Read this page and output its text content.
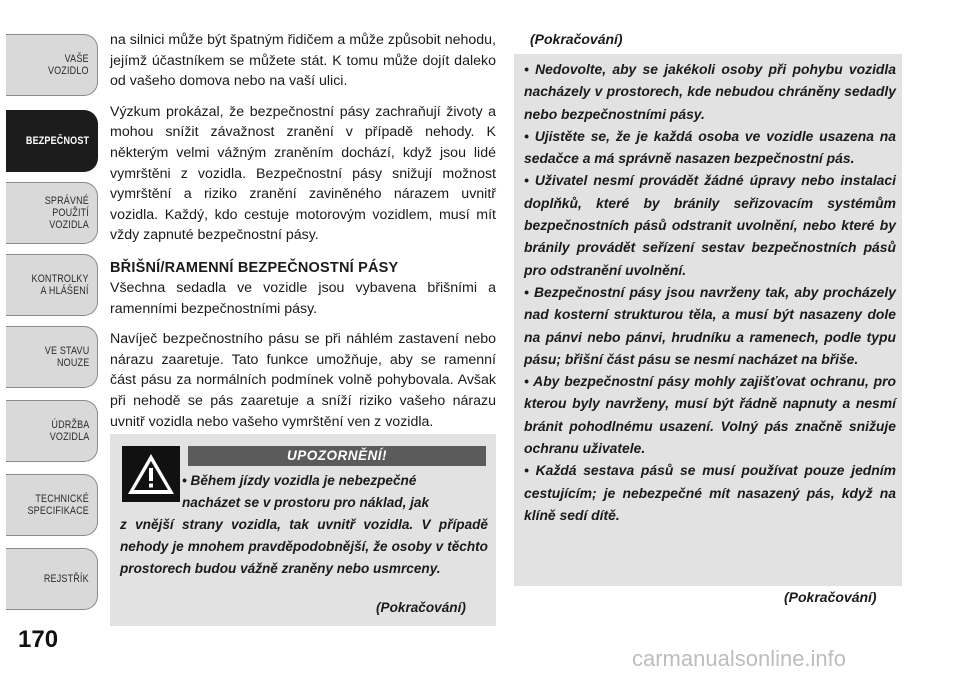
VAŠE
VOZIDLO
BEZPEČNOST
SPRÁVNÉ
POUŽITÍ
VOZIDLA
KONTROLKY
A HLÁŠENÍ
VE STAVU
NOUZE
ÚDRŽBA
VOZIDLA
TECHNICKÉ
SPECIFIKACE
REJSTŘÍK
170

na silnici může být špatným řidičem a může způsobit nehodu, jejímž účastníkem se můžete stát. K tomu může dojít daleko od vašeho domova nebo na vaší ulici.

Výzkum prokázal, že bezpečnostní pásy zachraňují životy a mohou snížit závažnost zranění v případě nehody. K některým velmi vážným zraněním dochází, když jsou lidé vymrštěni z vozidla. Bezpečnostní pásy snižují možnost vymrštění a riziko zranění zaviněného nárazem uvnitř vozidla. Každý, kdo cestuje motorovým vozidlem, musí mít vždy zapnuté bezpečnostní pásy.

BŘIŠNÍ/RAMENNÍ BEZPEČNOSTNÍ PÁSY

Všechna sedadla ve vozidle jsou vybavena břišními a ramenními bezpečnostními pásy.

Navíječ bezpečnostního pásu se při náhlém zastavení nebo nárazu zaaretuje. Tato funkce umožňuje, aby se ramenní část pásu za normálních podmínek volně pohybovala. Avšak při nehodě se pás zaaretuje a sníží riziko vašeho nárazu uvnitř vozidla nebo vašeho vymrštění ven z vozidla.

UPOZORNĚNÍ!
• Během jízdy vozidla je nebezpečné
nacházet se v prostoru pro náklad, jak
z vnější strany vozidla, tak uvnitř vozidla. V případě nehody je mnohem pravděpodobnější, že osoby v těchto prostorech budou vážně zraněny nebo usmrceny.
(Pokračování)
(Pokračování)

• Nedovolte, aby se jakékoli osoby při pohybu vozidla nacházely v prostorech, kde nebudou chráněny sedadly nebo bezpečnostními pásy.

• Ujistěte se, že je každá osoba ve vozidle usazena na sedačce a má správně nasazen bezpečnostní pás.

• Uživatel nesmí provádět žádné úpravy nebo instalaci doplňků, které by bránily seřizovacím systémům bezpečnostních pásů odstranit uvolnění, nebo které by bránily provádět seřízení sestav bezpečnostních pásů pro odstranění uvolnění.

• Bezpečnostní pásy jsou navrženy tak, aby procházely nad kosterní strukturou těla, a musí být nasazeny dole na pánvi nebo pánvi, hrudníku a ramenech, podle typu pásu; břišní část pásu se nesmí nacházet na břiše.

• Aby bezpečnostní pásy mohly zajišťovat ochranu, pro kterou byly navrženy, musí být řádně napnuty a nesmí bránit pohodlnému usazení. Volný pás značně snižuje ochranu uživatele.

• Každá sestava pásů se musí používat pouze jedním cestujícím; je nebezpečné mít nasazený pás, když na klíně sedí dítě.

(Pokračování)
carmanualsonline.info
